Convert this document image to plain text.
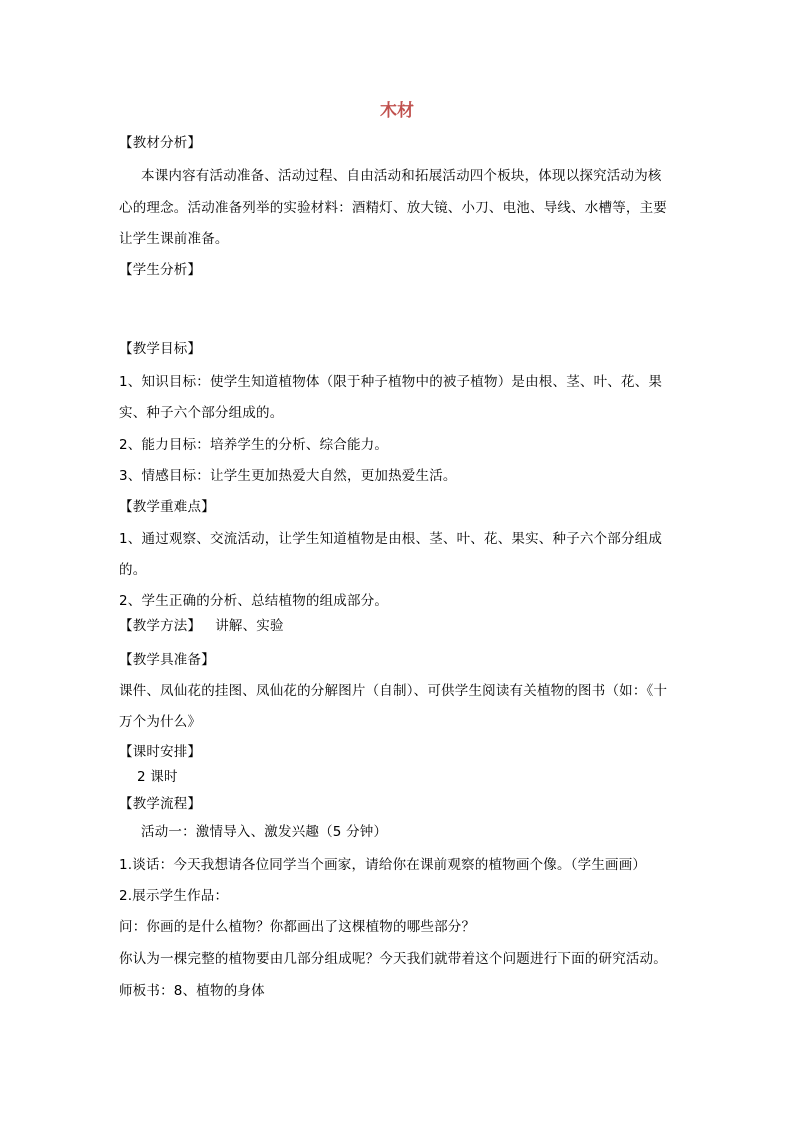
木材
【教材分析】
本课内容有活动准备、活动过程、自由活动和拓展活动四个板块，体现以探究活动为核
心的理念。活动准备列举的实验材料：酒精灯、放大镜、小刀、电池、导线、水槽等，主要
让学生课前准备。
【学生分析】
【教学目标】
1、知识目标：使学生知道植物体（限于种子植物中的被子植物）是由根、茎、叶、花、果
实、种子六个部分组成的。
2、能力目标：培养学生的分析、综合能力。
3、情感目标：让学生更加热爱大自然，更加热爱生活。
【教学重难点】
1、通过观察、交流活动，让学生知道植物是由根、茎、叶、花、果实、种子六个部分组成
的。
2、学生正确的分析、总结植物的组成部分。
【教学方法】 讲解、实验
【教学具准备】
课件、凤仙花的挂图、凤仙花的分解图片（自制）、可供学生阅读有关植物的图书（如：《十
万个为什么》
【课时安排】
2 课时
【教学流程】
活动一：激情导入、激发兴趣（5 分钟）
1.谈话：今天我想请各位同学当个画家，请给你在课前观察的植物画个像。（学生画画）
2.展示学生作品：
问：你画的是什么植物？你都画出了这棵植物的哪些部分？
你认为一棵完整的植物要由几部分组成呢？今天我们就带着这个问题进行下面的研究活动。
师板书：8、植物的身体
